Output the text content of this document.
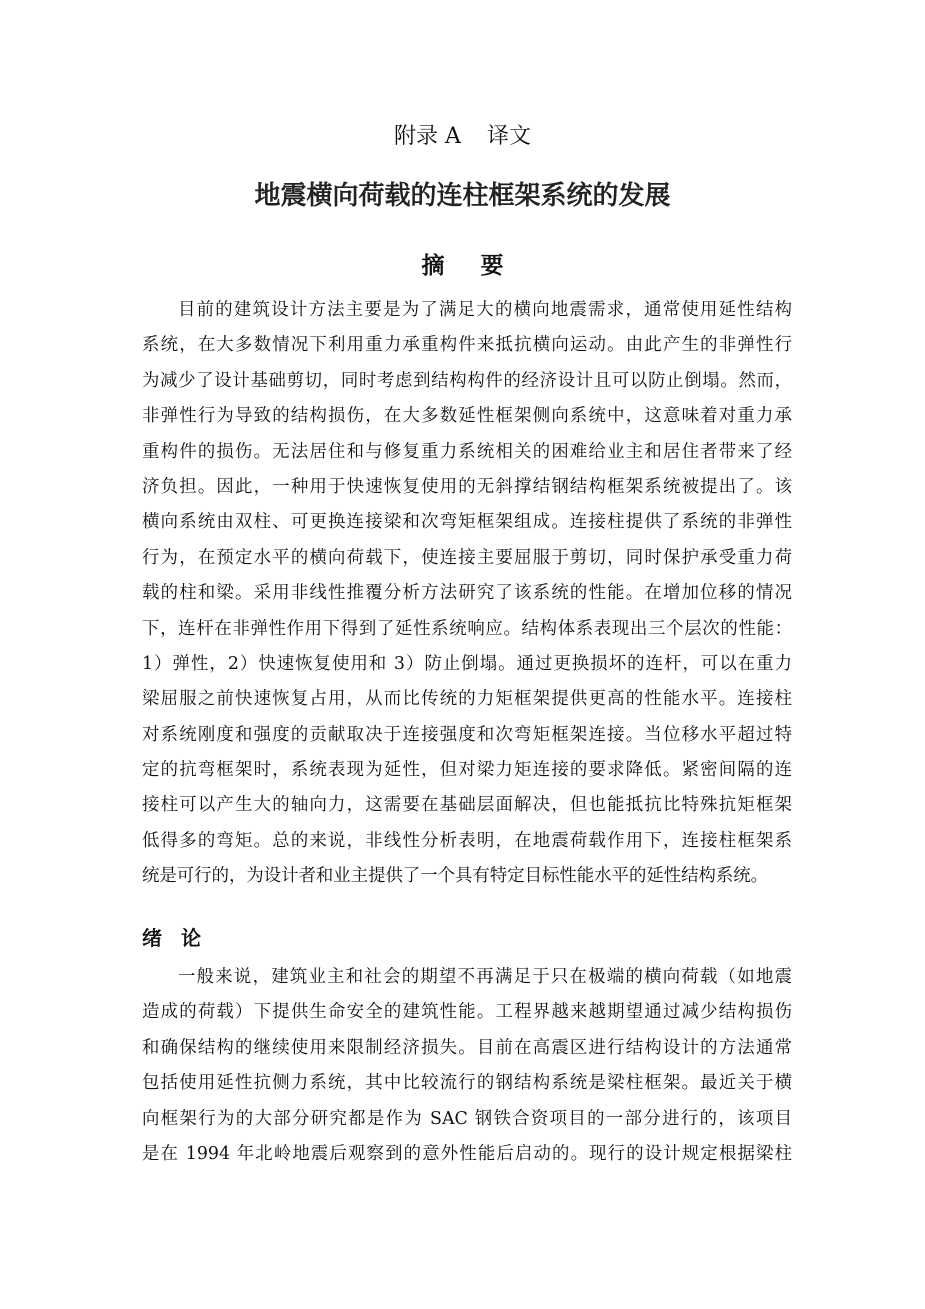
附录 A 译文
地震横向荷载的连柱框架系统的发展
摘 要
目前的建筑设计方法主要是为了满足大的横向地震需求，通常使用延性结构
系统，在大多数情况下利用重力承重构件来抵抗横向运动。由此产生的非弹性行
为减少了设计基础剪切，同时考虑到结构构件的经济设计且可以防止倒塌。然而，
非弹性行为导致的结构损伤，在大多数延性框架侧向系统中，这意味着对重力承
重构件的损伤。无法居住和与修复重力系统相关的困难给业主和居住者带来了经
济负担。因此，一种用于快速恢复使用的无斜撑结钢结构框架系统被提出了。该
横向系统由双柱、可更换连接梁和次弯矩框架组成。连接柱提供了系统的非弹性
行为，在预定水平的横向荷载下，使连接主要屈服于剪切，同时保护承受重力荷
载的柱和梁。采用非线性推覆分析方法研究了该系统的性能。在增加位移的情况
下，连杆在非弹性作用下得到了延性系统响应。结构体系表现出三个层次的性能：
1）弹性，2）快速恢复使用和 3）防止倒塌。通过更换损坏的连杆，可以在重力
梁屈服之前快速恢复占用，从而比传统的力矩框架提供更高的性能水平。连接柱
对系统刚度和强度的贡献取决于连接强度和次弯矩框架连接。当位移水平超过特
定的抗弯框架时，系统表现为延性，但对梁力矩连接的要求降低。紧密间隔的连
接柱可以产生大的轴向力，这需要在基础层面解决，但也能抵抗比特殊抗矩框架
低得多的弯矩。总的来说，非线性分析表明，在地震荷载作用下，连接柱框架系
统是可行的，为设计者和业主提供了一个具有特定目标性能水平的延性结构系统。
绪 论
一般来说，建筑业主和社会的期望不再满足于只在极端的横向荷载（如地震
造成的荷载）下提供生命安全的建筑性能。工程界越来越期望通过减少结构损伤
和确保结构的继续使用来限制经济损失。目前在高震区进行结构设计的方法通常
包括使用延性抗侧力系统，其中比较流行的钢结构系统是梁柱框架。最近关于横
向框架行为的大部分研究都是作为 SAC 钢铁合资项目的一部分进行的，该项目
是在 1994 年北岭地震后观察到的意外性能后启动的。现行的设计规定根据梁柱
